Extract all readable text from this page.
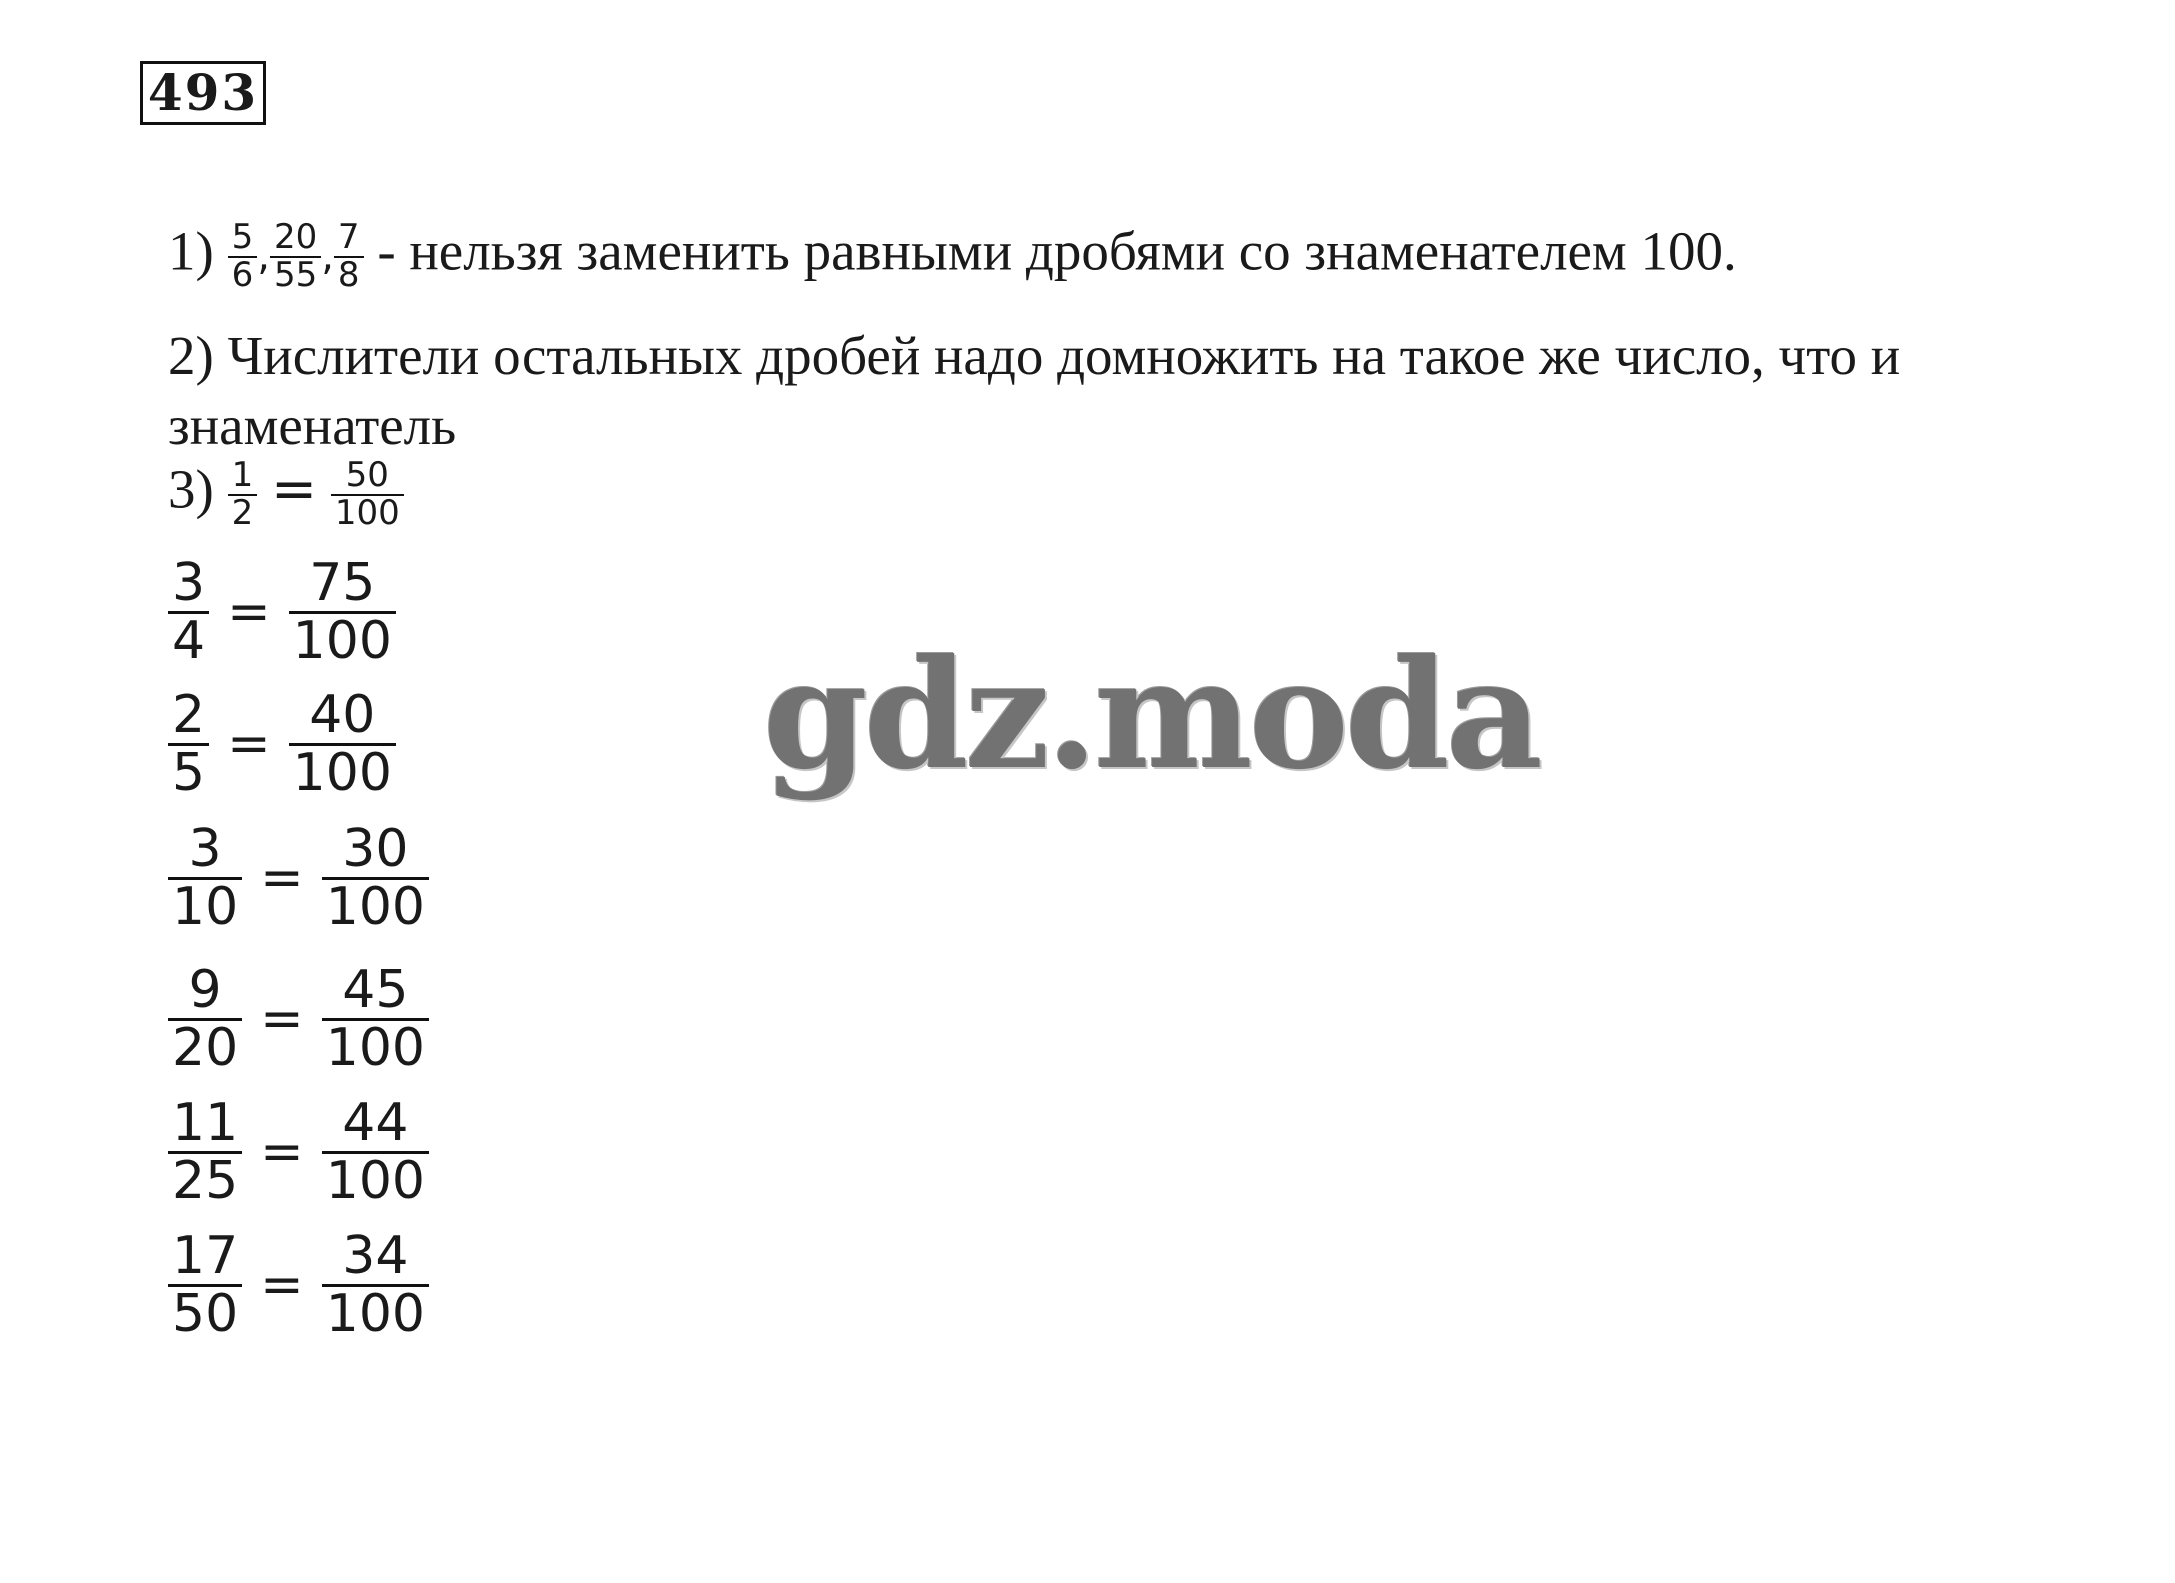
493
$1) \frac{5}{6}$ , $\frac{20}{55}$ , $\frac{7}{8}$ - нельзя заменить равными дробями со знаменателем 100.
2) Числители остальных дробей надо домножить на такое же число, что и
знаменатель
$3) \frac{1}{2} = \frac{50}{100}$
$\frac{3}{4} = \frac{75}{100}$
$\frac{2}{5} = \frac{40}{100}$
$\frac{3}{10} = \frac{30}{100}$
$\frac{9}{20} = \frac{45}{100}$
$\frac{11}{25} = \frac{44}{100}$
$\frac{17}{50} = \frac{34}{100}$
gdz.moda
